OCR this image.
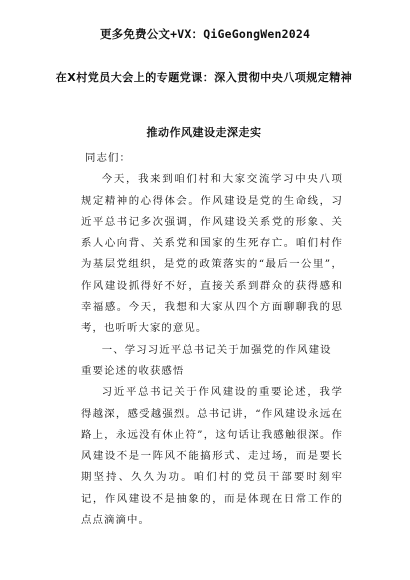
更多免费公文+VX：QiGeGongWen2024
在X村党员大会上的专题党课：深入贯彻中央八项规定精神
推动作风建设走深走实

同志们：

今天，我来到咱们村和大家交流学习中央八项规定精神的心得体会。作风建设是党的生命线，习近平总书记多次强调，作风建设关系党的形象、关系人心向背、关系党和国家的生死存亡。咱们村作为基层党组织，是党的政策落实的“最后一公里”，作风建设抓得好不好，直接关系到群众的获得感和幸福感。今天，我想和大家从四个方面聊聊我的思考，也听听大家的意见。

一、学习习近平总书记关于加强党的作风建设重要论述的收获感悟

习近平总书记关于作风建设的重要论述，我学得越深，感受越强烈。总书记讲，“作风建设永远在路上，永远没有休止符”，这句话让我感触很深。作风建设不是一阵风不能搞形式、走过场，而是要长期坚持、久久为功。咱们村的党员干部要时刻牢记，作风建设不是抽象的，而是体现在日常工作的点点滴滴中。
